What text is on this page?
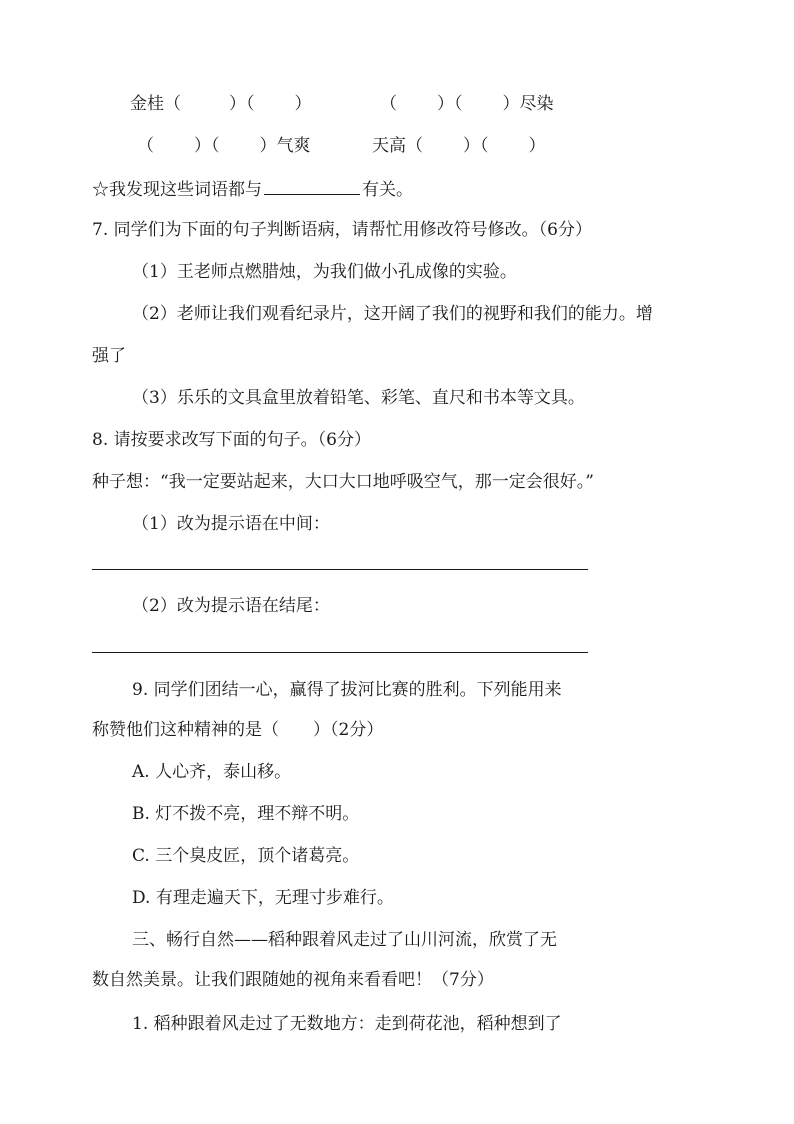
金桂（	）（ ）	（ ）（ ）尽染
（ ）（ ）气爽	天高（ ）（ ）
☆我发现这些词语都与	有关。
7. 同学们为下面的句子判断语病，请帮忙用修改符号修改。（6分）
（1）王老师点燃腊烛，为我们做小孔成像的实验。
（2）老师让我们观看纪录片，这开阔了我们的视野和我们的能力。增
强了
（3）乐乐的文具盒里放着铅笔、彩笔、直尺和书本等文具。
8. 请按要求改写下面的句子。（6分）
种子想：“我一定要站起来，大口大口地呼吸空气，那一定会很好。”
（1）改为提示语在中间：
（2）改为提示语在结尾：
9. 同学们团结一心，赢得了拔河比赛的胜利。下列能用来
称赞他们这种精神的是（　　）（2分）
A. 人心齐，泰山移。
B. 灯不拨不亮，理不辩不明。
C. 三个臭皮匠，顶个诸葛亮。
D. 有理走遍天下，无理寸步难行。
三、畅行自然——稻种跟着风走过了山川河流，欣赏了无
数自然美景。让我们跟随她的视角来看看吧！（7分）
1. 稻种跟着风走过了无数地方：走到荷花池，稻种想到了
